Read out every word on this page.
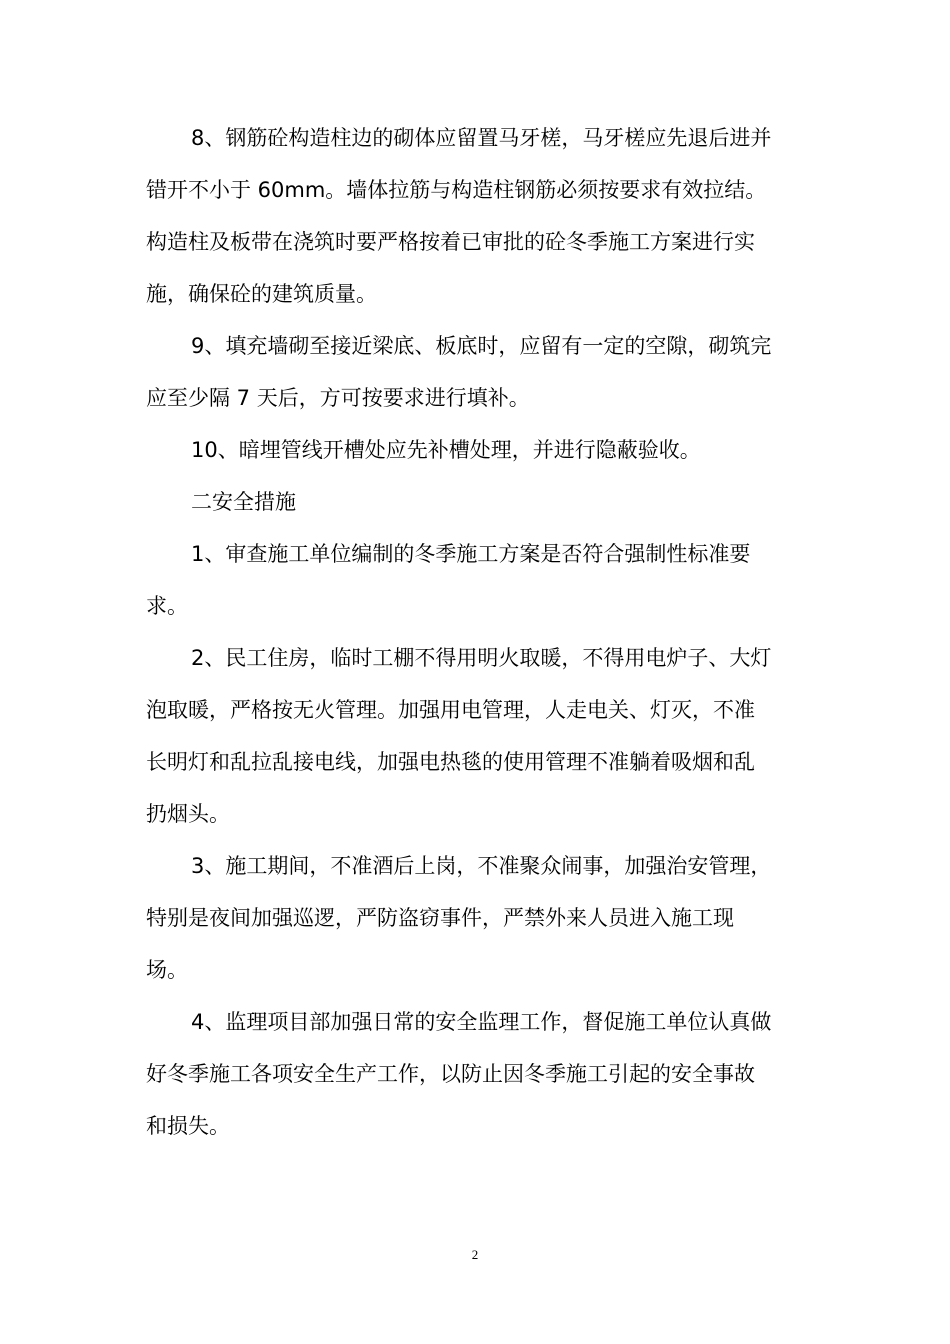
8、钢筋砼构造柱边的砌体应留置马牙槎，马牙槎应先退后进并
错开不小于 60mm。墙体拉筋与构造柱钢筋必须按要求有效拉结。
构造柱及板带在浇筑时要严格按着已审批的砼冬季施工方案进行实
施，确保砼的建筑质量。
9、填充墙砌至接近梁底、板底时，应留有一定的空隙，砌筑完
应至少隔 7 天后，方可按要求进行填补。
10、暗埋管线开槽处应先补槽处理，并进行隐蔽验收。
二安全措施
1、审查施工单位编制的冬季施工方案是否符合强制性标准要
求。
2、民工住房，临时工棚不得用明火取暖，不得用电炉子、大灯
泡取暖，严格按无火管理。加强用电管理，人走电关、灯灭，不准
长明灯和乱拉乱接电线，加强电热毯的使用管理不准躺着吸烟和乱
扔烟头。
3、施工期间，不准酒后上岗，不准聚众闹事，加强治安管理，
特别是夜间加强巡逻，严防盗窃事件，严禁外来人员进入施工现
场。
4、监理项目部加强日常的安全监理工作，督促施工单位认真做
好冬季施工各项安全生产工作，以防止因冬季施工引起的安全事故
和损失。
2
